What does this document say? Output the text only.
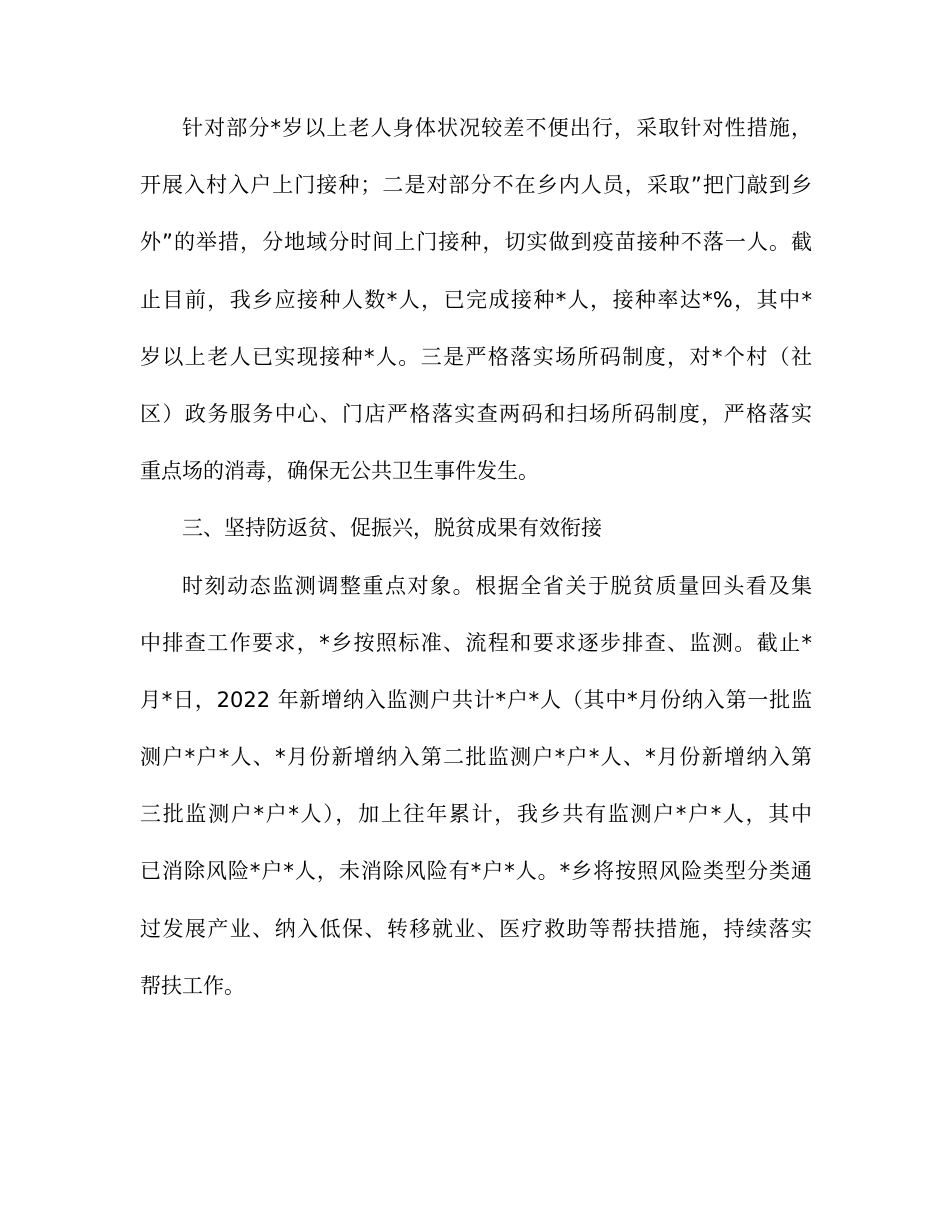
针对部分*岁以上老人身体状况较差不便出行，采取针对性措施，
开展入村入户上门接种；二是对部分不在乡内人员，采取”把门敲到乡
外”的举措，分地域分时间上门接种，切实做到疫苗接种不落一人。截
止目前，我乡应接种人数*人，已完成接种*人，接种率达*%，其中*
岁以上老人已实现接种*人。三是严格落实场所码制度，对*个村（社
区）政务服务中心、门店严格落实查两码和扫场所码制度，严格落实
重点场的消毒，确保无公共卫生事件发生。
三、坚持防返贫、促振兴，脱贫成果有效衔接
时刻动态监测调整重点对象。根据全省关于脱贫质量回头看及集
中排查工作要求，*乡按照标准、流程和要求逐步排查、监测。截止*
月*日，2022 年新增纳入监测户共计*户*人（其中*月份纳入第一批监
测户*户*人、*月份新增纳入第二批监测户*户*人、*月份新增纳入第
三批监测户*户*人），加上往年累计，我乡共有监测户*户*人，其中
已消除风险*户*人，未消除风险有*户*人。*乡将按照风险类型分类通
过发展产业、纳入低保、转移就业、医疗救助等帮扶措施，持续落实
帮扶工作。
